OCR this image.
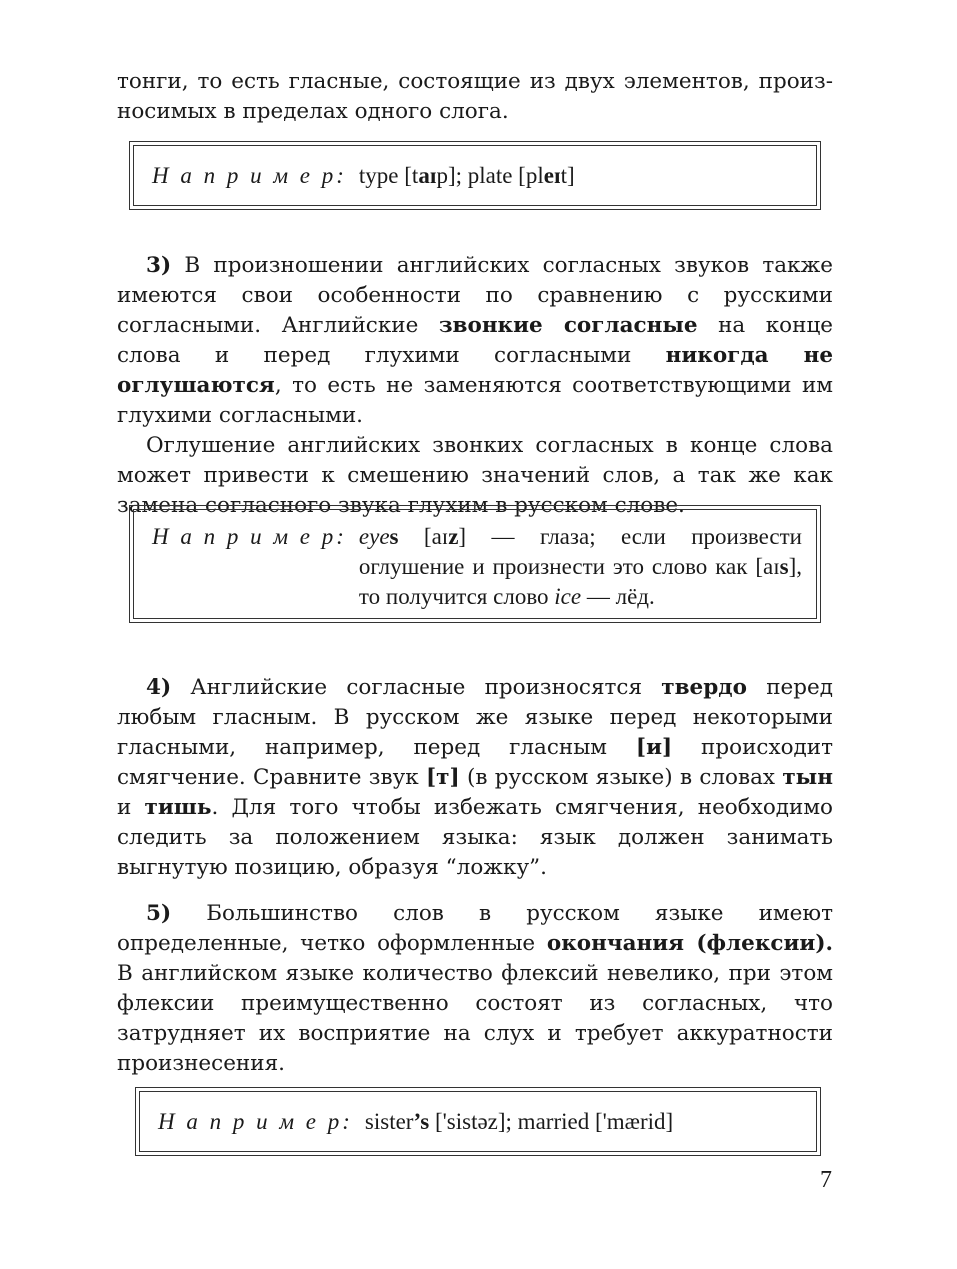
тонги, то есть гласные, состоящие из двух элементов, произ-

носимых в пределах одного слога.

Н а п р и м е р: type [taɪp]; plate [pleɪt]

3) В произношении английских согласных звуков также имеются свои особенности по сравнению с русскими согласными. Английские звонкие согласные на конце слова и перед глухими согласными никогда не оглушаются, то есть не заменяются соответствующими им глухими согласными.

Оглушение английских звонких согласных в конце слова может привести к смешению значений слов, а так же как замена согласного звука глухим в русском слове.

Н а п р и м е р: eyes [aɪz] — глаза; если произвести оглушение и произнести это слово как [aɪs], то получится слово ice — лёд.

4) Английские согласные произносятся твердо перед любым гласным. В русском же языке перед некоторыми гласными, например, перед гласным [и] происходит смягчение. Сравните звук [т] (в русском языке) в словах тын и тишь. Для того чтобы избежать смягчения, необходимо следить за положением языка: язык должен занимать выгнутую позицию, образуя “ложку”.

5) Большинство слов в русском языке имеют определенные, четко оформленные окончания (флексии). В английском языке количество флексий невелико, при этом флексии преимущественно состоят из согласных, что затрудняет их восприятие на слух и требует аккуратности произнесения.

Н а п р и м е р: sister’s ['sistəz]; married ['mærid]
7
